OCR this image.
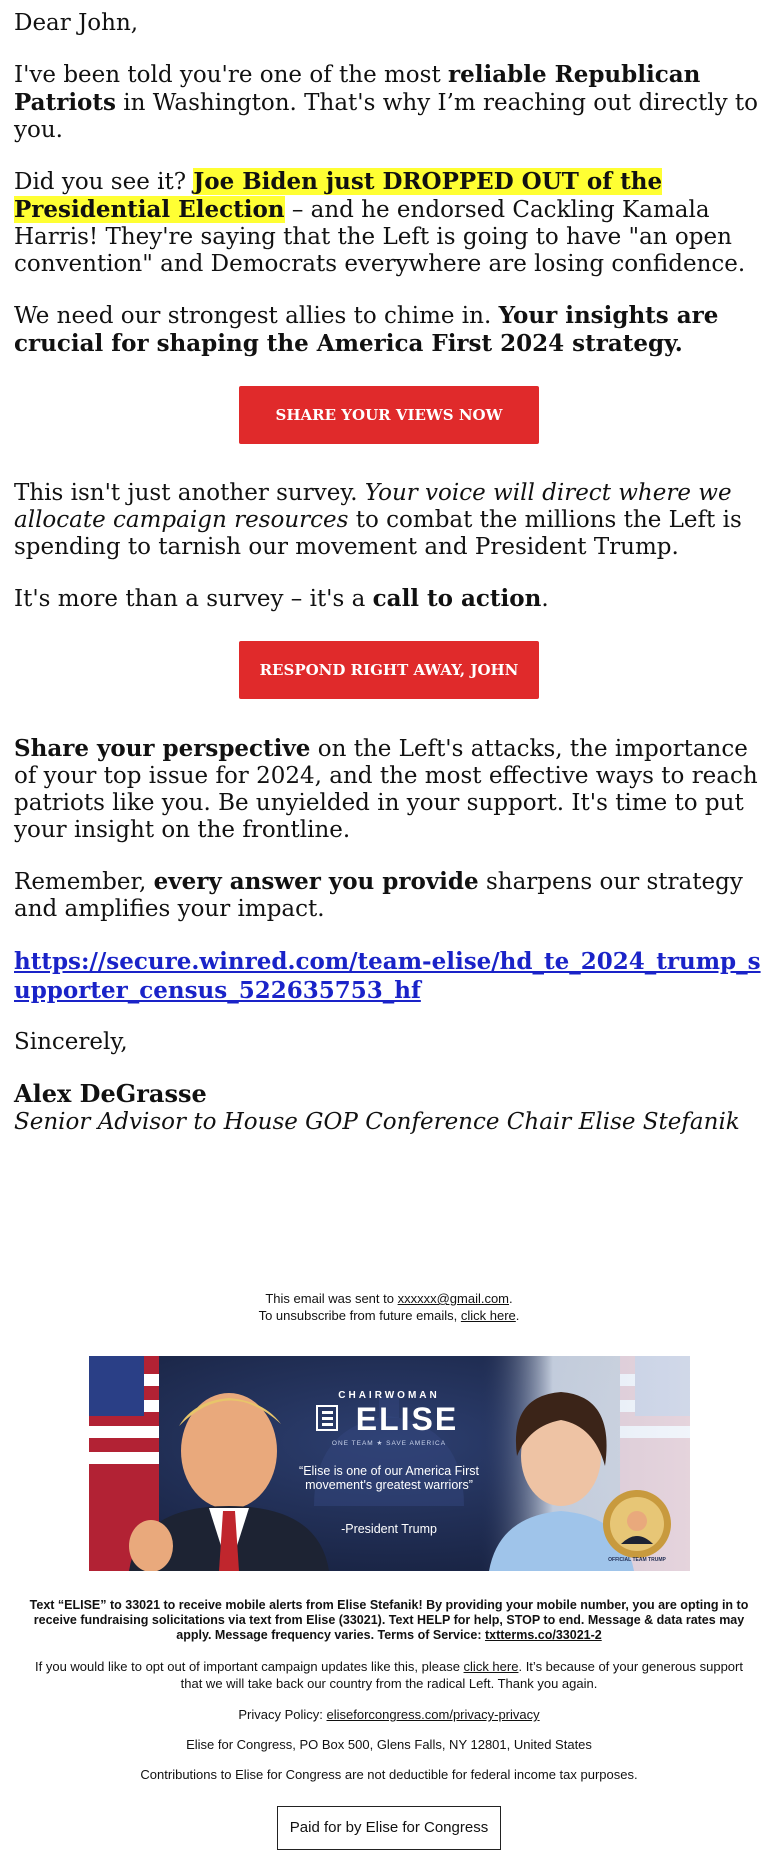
Dear John,

I've been told you're one of the most reliable Republican Patriots in Washington. That's why I’m reaching out directly to you.

Did you see it? Joe Biden just DROPPED OUT of the Presidential Election – and he endorsed Cackling Kamala Harris! They're saying that the Left is going to have "an open convention" and Democrats everywhere are losing confidence.

We need our strongest allies to chime in. Your insights are crucial for shaping the America First 2024 strategy.

SHARE YOUR VIEWS NOW

This isn't just another survey. Your voice will direct where we allocate campaign resources to combat the millions the Left is spending to tarnish our movement and President Trump.

It's more than a survey – it's a call to action.

RESPOND RIGHT AWAY, JOHN

Share your perspective on the Left's attacks, the importance of your top issue for 2024, and the most effective ways to reach patriots like you. Be unyielded in your support. It's time to put your insight on the frontline.

Remember, every answer you provide sharpens our strategy and amplifies your impact.

https://secure.winred.com/team-elise/hd_te_2024_trump_supporter_census_522635753_hf

Sincerely,

Alex DeGrasse
Senior Advisor to House GOP Conference Chair Elise Stefanik
This email was sent to xxxxxx@gmail.com.
To unsubscribe from future emails, click here.
CHAIRWOMAN
ELISE
ONE TEAM ★ SAVE AMERICA
-President Trump
OFFICIAL TEAM TRUMP
“Elise is one of our America First movement's greatest warriors”
Text “ELISE” to 33021 to receive mobile alerts from Elise Stefanik! By providing your mobile number, you are opting in to receive fundraising solicitations via text from Elise (33021). Text HELP for help, STOP to end. Message & data rates may apply. Message frequency varies. Terms of Service: txtterms.co/33021-2
If you would like to opt out of important campaign updates like this, please click here. It’s because of your generous support that we will take back our country from the radical Left. Thank you again.
Privacy Policy: eliseforcongress.com/privacy-privacy
Elise for Congress, PO Box 500, Glens Falls, NY 12801, United States
Contributions to Elise for Congress are not deductible for federal income tax purposes.
Paid for by Elise for Congress
